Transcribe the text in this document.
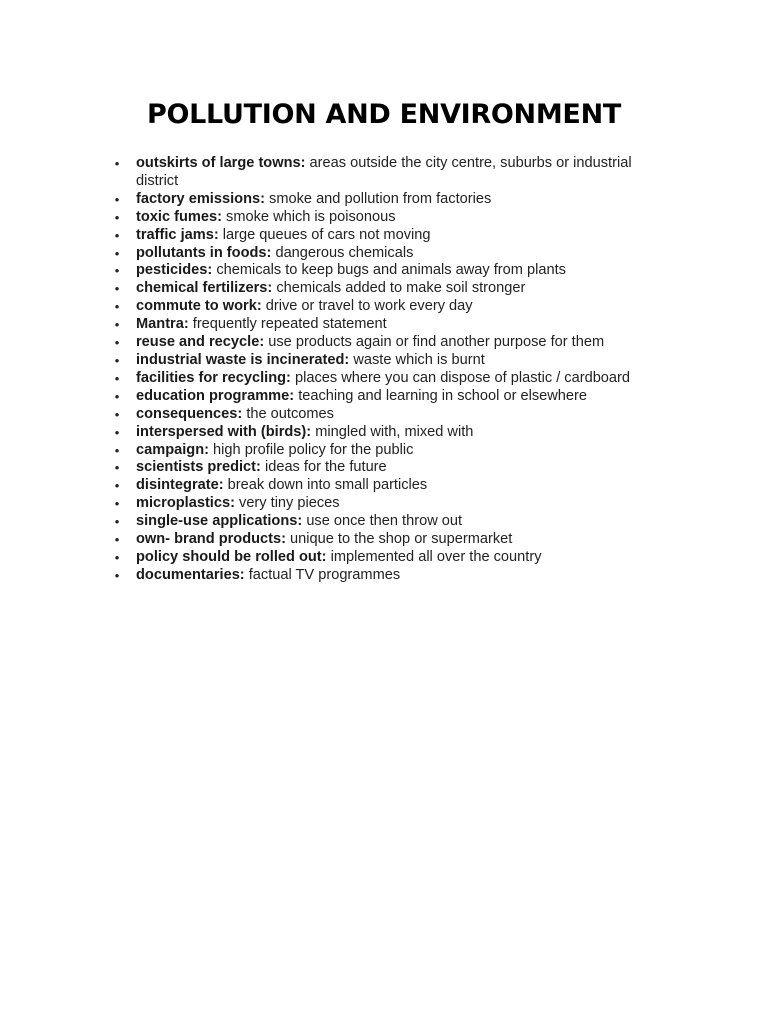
POLLUTION AND ENVIRONMENT
• outskirts of large towns: areas outside the city centre, suburbs or industrial district
• factory emissions: smoke and pollution from factories
• toxic fumes: smoke which is poisonous
• traffic jams: large queues of cars not moving
• pollutants in foods: dangerous chemicals
• pesticides: chemicals to keep bugs and animals away from plants
• chemical fertilizers: chemicals added to make soil stronger
• commute to work: drive or travel to work every day
• Mantra: frequently repeated statement
• reuse and recycle: use products again or find another purpose for them
• industrial waste is incinerated: waste which is burnt
• facilities for recycling: places where you can dispose of plastic / cardboard
• education programme: teaching and learning in school or elsewhere
• consequences: the outcomes
• interspersed with (birds): mingled with, mixed with
• campaign: high profile policy for the public
• scientists predict: ideas for the future
• disintegrate: break down into small particles
• microplastics: very tiny pieces
• single-use applications: use once then throw out
• own- brand products: unique to the shop or supermarket
• policy should be rolled out: implemented all over the country
• documentaries: factual TV programmes
